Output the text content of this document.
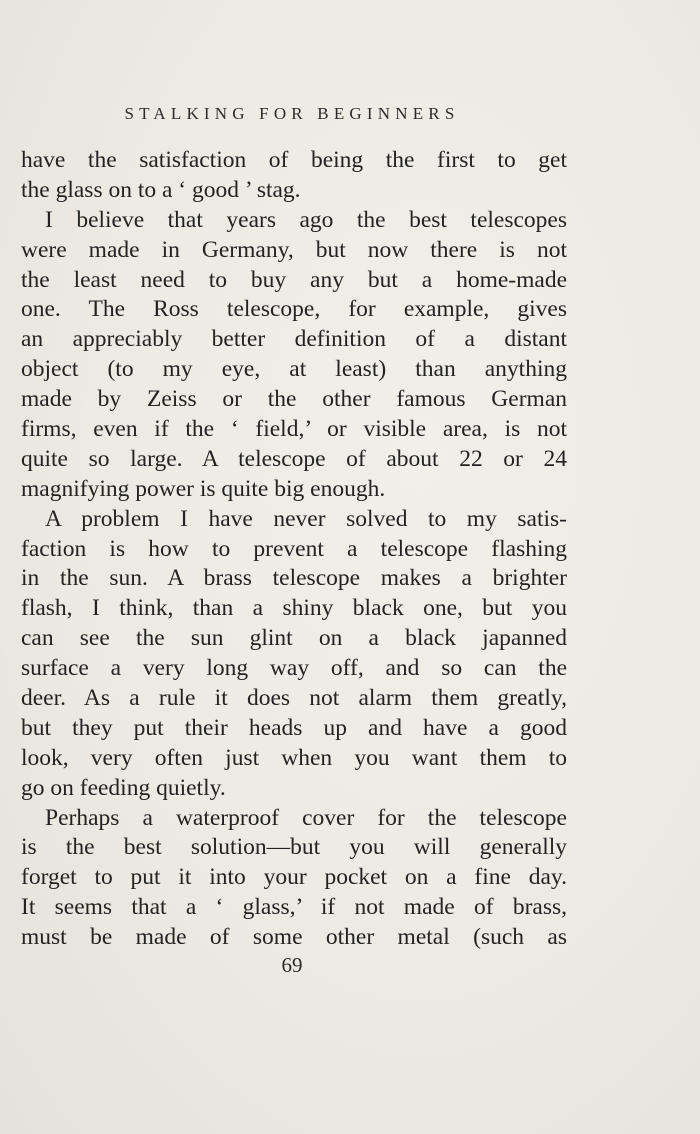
STALKING FOR BEGINNERS
have the satisfaction of being the first to get
the glass on to a ‘ good ’ stag.
I believe that years ago the best telescopes
were made in Germany, but now there is not
the least need to buy any but a home-made
one. The Ross telescope, for example, gives
an appreciably better definition of a distant
object (to my eye, at least) than anything
made by Zeiss or the other famous German
firms, even if the ‘ field,’ or visible area, is not
quite so large. A telescope of about 22 or 24
magnifying power is quite big enough.
A problem I have never solved to my satis-
faction is how to prevent a telescope flashing
in the sun. A brass telescope makes a brighter
flash, I think, than a shiny black one, but you
can see the sun glint on a black japanned
surface a very long way off, and so can the
deer. As a rule it does not alarm them greatly,
but they put their heads up and have a good
look, very often just when you want them to
go on feeding quietly.
Perhaps a waterproof cover for the telescope
is the best solution—but you will generally
forget to put it into your pocket on a fine day.
It seems that a ‘ glass,’ if not made of brass,
must be made of some other metal (such as
69
